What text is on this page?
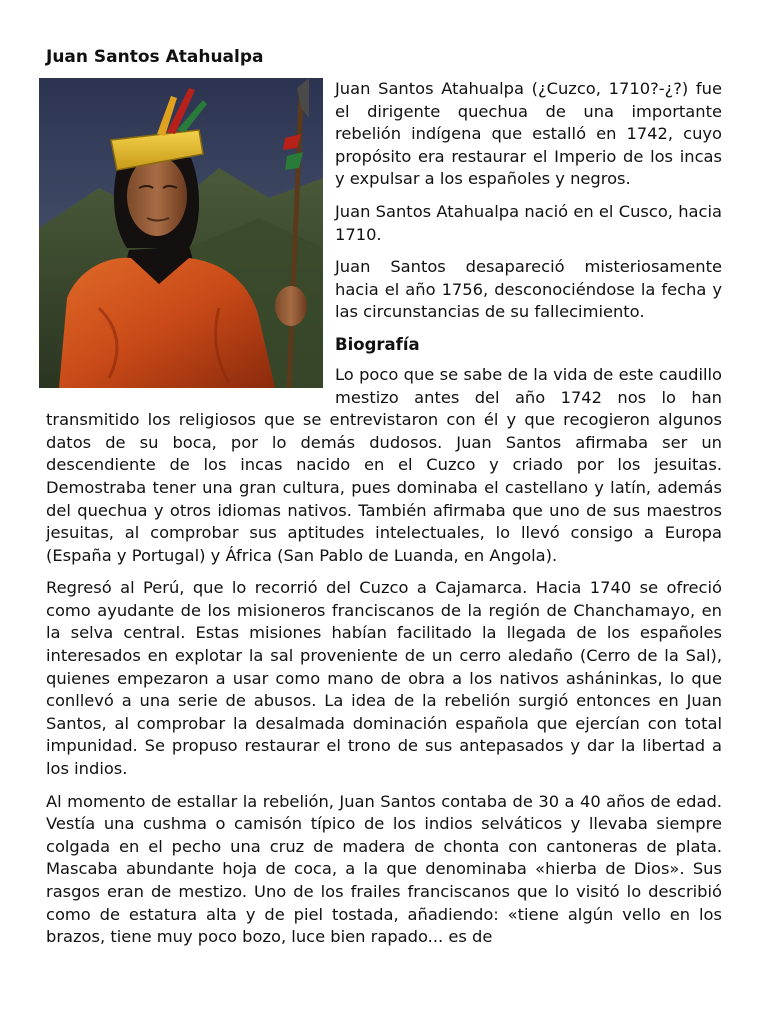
Juan Santos Atahualpa

Juan Santos Atahualpa (¿Cuzco, 1710?-¿?) fue el dirigente quechua de una importante rebelión indígena que estalló en 1742, cuyo propósito era restaurar el Imperio de los incas y expulsar a los españoles y negros.

Juan Santos Atahualpa nació en el Cusco, hacia 1710.

Juan Santos desapareció misteriosamente hacia el año 1756, desconociéndose la fecha y las circunstancias de su fallecimiento.

Biografía

Lo poco que se sabe de la vida de este caudillo mestizo antes del año 1742 nos lo han transmitido los religiosos que se entrevistaron con él y que recogieron algunos datos de su boca, por lo demás dudosos. Juan Santos afirmaba ser un descendiente de los incas nacido en el Cuzco y criado por los jesuitas. Demostraba tener una gran cultura, pues dominaba el castellano y latín, además del quechua y otros idiomas nativos. También afirmaba que uno de sus maestros jesuitas, al comprobar sus aptitudes intelectuales, lo llevó consigo a Europa (España y Portugal) y África (San Pablo de Luanda, en Angola).

Regresó al Perú, que lo recorrió del Cuzco a Cajamarca. Hacia 1740 se ofreció como ayudante de los misioneros franciscanos de la región de Chanchamayo, en la selva central. Estas misiones habían facilitado la llegada de los españoles interesados en explotar la sal proveniente de un cerro aledaño (Cerro de la Sal), quienes empezaron a usar como mano de obra a los nativos asháninkas, lo que conllevó a una serie de abusos. La idea de la rebelión surgió entonces en Juan Santos, al comprobar la desalmada dominación española que ejercían con total impunidad. Se propuso restaurar el trono de sus antepasados y dar la libertad a los indios.

Al momento de estallar la rebelión, Juan Santos contaba de 30 a 40 años de edad. Vestía una cushma o camisón típico de los indios selváticos y llevaba siempre colgada en el pecho una cruz de madera de chonta con cantoneras de plata. Mascaba abundante hoja de coca, a la que denominaba «hierba de Dios». Sus rasgos eran de mestizo. Uno de los frailes franciscanos que lo visitó lo describió como de estatura alta y de piel tostada, añadiendo: «tiene algún vello en los brazos, tiene muy poco bozo, luce bien rapado... es de
